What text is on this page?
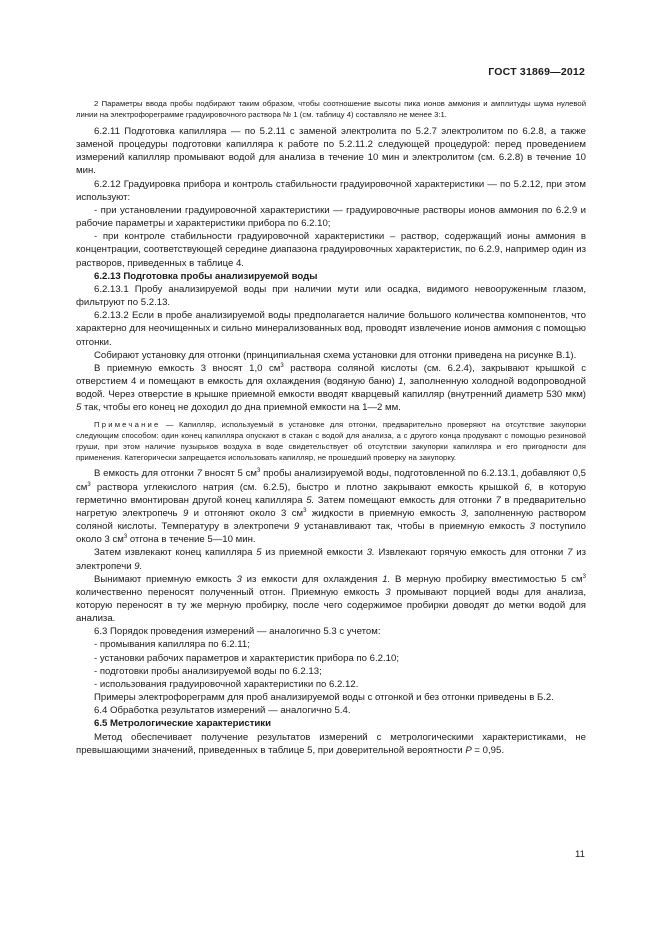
ГОСТ 31869—2012

2 Параметры ввода пробы подбирают таким образом, чтобы соотношение высоты пика ионов аммония и амплитуды шума нулевой линии на электрофореграмме градуировочного раствора № 1 (см. таблицу 4) составляло не менее 3:1.

6.2.11 Подготовка капилляра — по 5.2.11 с заменой электролита по 5.2.7 электролитом по 6.2.8, а также заменой процедуры подготовки капилляра к работе по 5.2.11.2 следующей процедурой: перед проведением измерений капилляр промывают водой для анализа в течение 10 мин и электролитом (см. 6.2.8) в течение 10 мин.

6.2.12 Градуировка прибора и контроль стабильности градуировочной характеристики — по 5.2.12, при этом используют:

- при установлении градуировочной характеристики — градуировочные растворы ионов аммония по 6.2.9 и рабочие параметры и характеристики прибора по 6.2.10;

- при контроле стабильности градуировочной характеристики – раствор, содержащий ионы аммония в концентрации, соответствующей середине диапазона градуировочных характеристик, по 6.2.9, например один из растворов, приведенных в таблице 4.

6.2.13 Подготовка пробы анализируемой воды

6.2.13.1 Пробу анализируемой воды при наличии мути или осадка, видимого невооруженным глазом, фильтруют по 5.2.13.

6.2.13.2 Если в пробе анализируемой воды предполагается наличие большого количества компонентов, что характерно для неочищенных и сильно минерализованных вод, проводят извлечение ионов аммония с помощью отгонки.

Собирают установку для отгонки (принципиальная схема установки для отгонки приведена на рисунке В.1).

В приемную емкость 3 вносят 1,0 $см^3$ раствора соляной кислоты (см. 6.2.4), закрывают крышкой с отверстием 4 и помещают в емкость для охлаждения (водяную баню) 1, заполненную холодной водопроводной водой. Через отверстие в крышке приемной емкости вводят кварцевый капилляр (внутренний диаметр 530 мкм) 5 так, чтобы его конец не доходил до дна приемной емкости на 1—2 мм.

Примечание — Капилляр, используемый в установке для отгонки, предварительно проверяют на отсутствие закупорки следующим способом: один конец капилляра опускают в стакан с водой для анализа, а с другого конца продувают с помощью резиновой груши, при этом наличие пузырьков воздуха в воде свидетельствует об отсутствии закупорки капилляра и его пригодности для применения. Категорически запрещается использовать капилляр, не прошедший проверку на закупорку.

В емкость для отгонки 7 вносят 5 $см^3$ пробы анализируемой воды, подготовленной по 6.2.13.1, добавляют 0,5 $см^3$ раствора углекислого натрия (см. 6.2.5), быстро и плотно закрывают емкость крышкой 6, в которую герметично вмонтирован другой конец капилляра 5. Затем помещают емкость для отгонки 7 в предварительно нагретую электропечь 9 и отгоняют около 3 $см^3$ жидкости в приемную емкость 3, заполненную раствором соляной кислоты. Температуру в электропечи 9 устанавливают так, чтобы в приемную емкость 3 поступило около 3 $см^3$ отгона в течение 5—10 мин.

Затем извлекают конец капилляра 5 из приемной емкости 3. Извлекают горячую емкость для отгонки 7 из электропечи 9.

Вынимают приемную емкость 3 из емкости для охлаждения 1. В мерную пробирку вместимостью 5 $см^3$ количественно переносят полученный отгон. Приемную емкость 3 промывают порцией воды для анализа, которую переносят в ту же мерную пробирку, после чего содержимое пробирки доводят до метки водой для анализа.

6.3 Порядок проведения измерений — аналогично 5.3 с учетом:

- промывания капилляра по 6.2.11;

- установки рабочих параметров и характеристик прибора по 6.2.10;

- подготовки пробы анализируемой воды по 6.2.13;

- использования градуировочной характеристики по 6.2.12.

Примеры электрофореграмм для проб анализируемой воды с отгонкой и без отгонки приведены в Б.2.

6.4 Обработка результатов измерений — аналогично 5.4.

6.5 Метрологические характеристики

Метод обеспечивает получение результатов измерений с метрологическими характеристиками, не превышающими значений, приведенных в таблице 5, при доверительной вероятности P = 0,95.

11
